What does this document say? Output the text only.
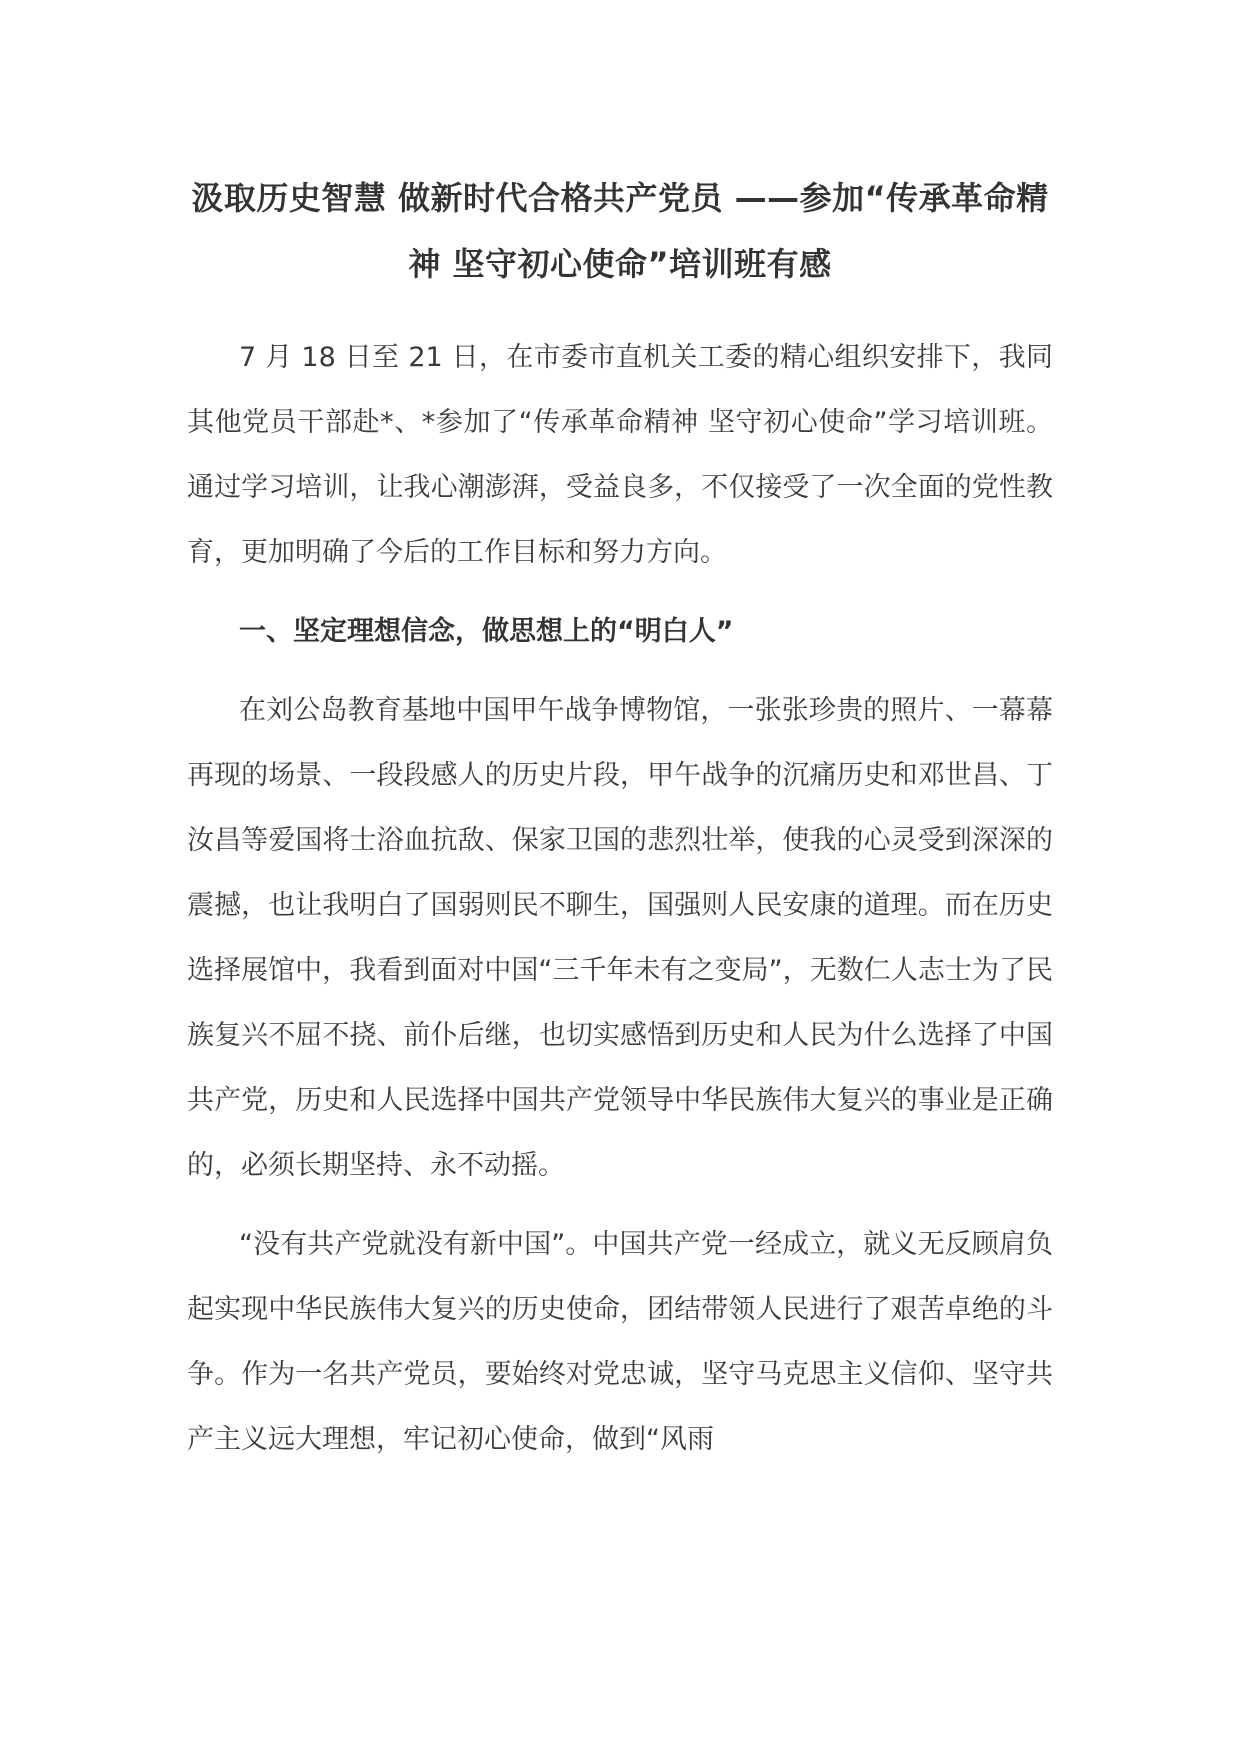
汲取历史智慧 做新时代合格共产党员 ——参加“传承革命精神 坚守初心使命”培训班有感

7 月 18 日至 21 日，在市委市直机关工委的精心组织安排下，我同其他党员干部赴*、*参加了“传承革命精神 坚守初心使命”学习培训班。通过学习培训，让我心潮澎湃，受益良多，不仅接受了一次全面的党性教育，更加明确了今后的工作目标和努力方向。

一、坚定理想信念，做思想上的“明白人”

在刘公岛教育基地中国甲午战争博物馆，一张张珍贵的照片、一幕幕再现的场景、一段段感人的历史片段，甲午战争的沉痛历史和邓世昌、丁汝昌等爱国将士浴血抗敌、保家卫国的悲烈壮举，使我的心灵受到深深的震撼，也让我明白了国弱则民不聊生，国强则人民安康的道理。而在历史选择展馆中，我看到面对中国“三千年未有之变局”，无数仁人志士为了民族复兴不屈不挠、前仆后继，也切实感悟到历史和人民为什么选择了中国共产党，历史和人民选择中国共产党领导中华民族伟大复兴的事业是正确的，必须长期坚持、永不动摇。

“没有共产党就没有新中国”。中国共产党一经成立，就义无反顾肩负起实现中华民族伟大复兴的历史使命，团结带领人民进行了艰苦卓绝的斗争。作为一名共产党员，要始终对党忠诚，坚守马克思主义信仰、坚守共产主义远大理想，牢记初心使命，做到“风雨
